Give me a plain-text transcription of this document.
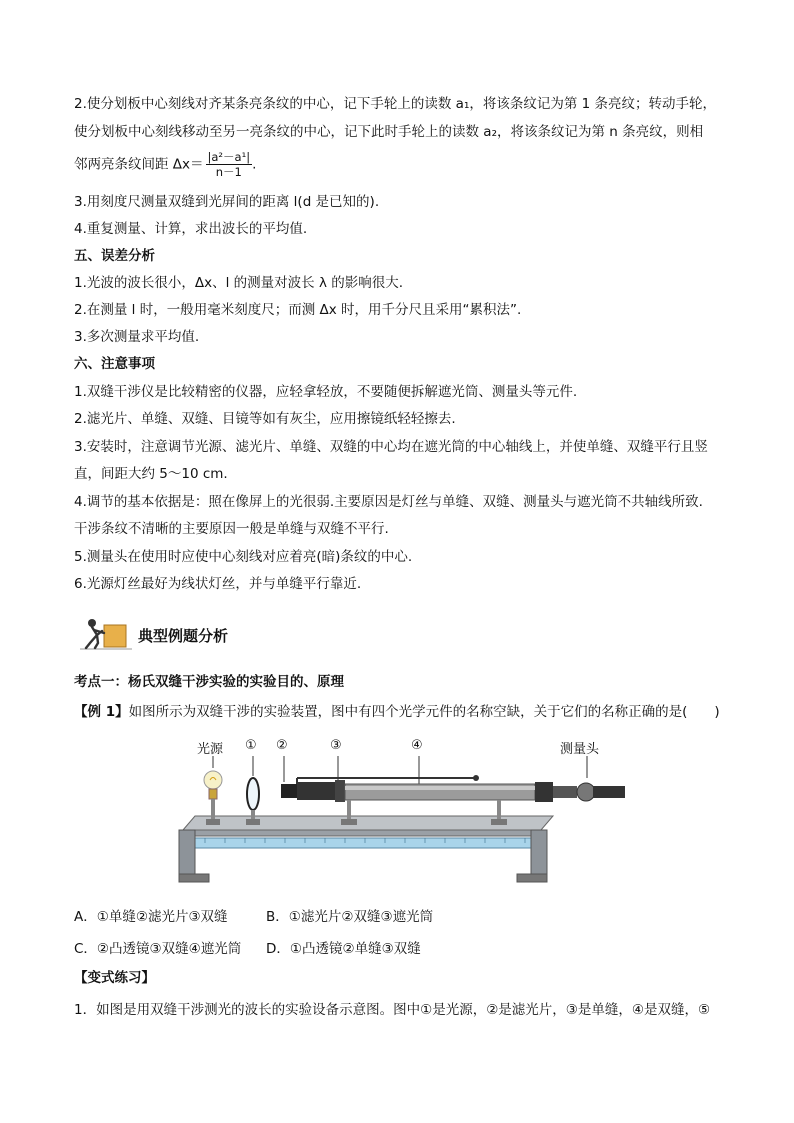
2.使分划板中心刻线对齐某条亮条纹的中心，记下手轮上的读数 a₁，将该条纹记为第 1 条亮纹；转动手轮，
使分划板中心刻线移动至另一亮条纹的中心，记下此时手轮上的读数 a₂，将该条纹记为第 n 条亮纹，则相
邻两亮条纹间距 $\Delta x= \frac{\text{|a²－a¹|}}{n-1}$ .
3.用刻度尺测量双缝到光屏间的距离 l(d 是已知的).
4.重复测量、计算，求出波长的平均值.
五、误差分析
1.光波的波长很小，Δx、l 的测量对波长 λ 的影响很大.
2.在测量 l 时，一般用毫米刻度尺；而测 Δx 时，用千分尺且采用“累积法”.
3.多次测量求平均值.
六、注意事项
1.双缝干涉仪是比较精密的仪器，应轻拿轻放，不要随便拆解遮光筒、测量头等元件.
2.滤光片、单缝、双缝、目镜等如有灰尘，应用擦镜纸轻轻擦去.
3.安装时，注意调节光源、滤光片、单缝、双缝的中心均在遮光筒的中心轴线上，并使单缝、双缝平行且竖
直，间距大约 5～10 cm.
4.调节的基本依据是：照在像屏上的光很弱.主要原因是灯丝与单缝、双缝、测量头与遮光筒不共轴线所致.
干涉条纹不清晰的主要原因一般是单缝与双缝不平行.
5.测量头在使用时应使中心刻线对应着亮(暗)条纹的中心.
6.光源灯丝最好为线状灯丝，并与单缝平行靠近.
典型例题分析
考点一：杨氏双缝干涉实验的实验目的、原理
【例 1】如图所示为双缝干涉的实验装置，图中有四个光学元件的名称空缺，关于它们的名称正确的是(　　)
光源 ① ②	③	④	测量头
A．①单缝②滤光片③双缝	B．①滤光片②双缝③遮光筒
C．②凸透镜③双缝④遮光筒 D．①凸透镜②单缝③双缝
【变式练习】
1．如图是用双缝干涉测光的波长的实验设备示意图。图中①是光源，②是滤光片，③是单缝，④是双缝，⑤
